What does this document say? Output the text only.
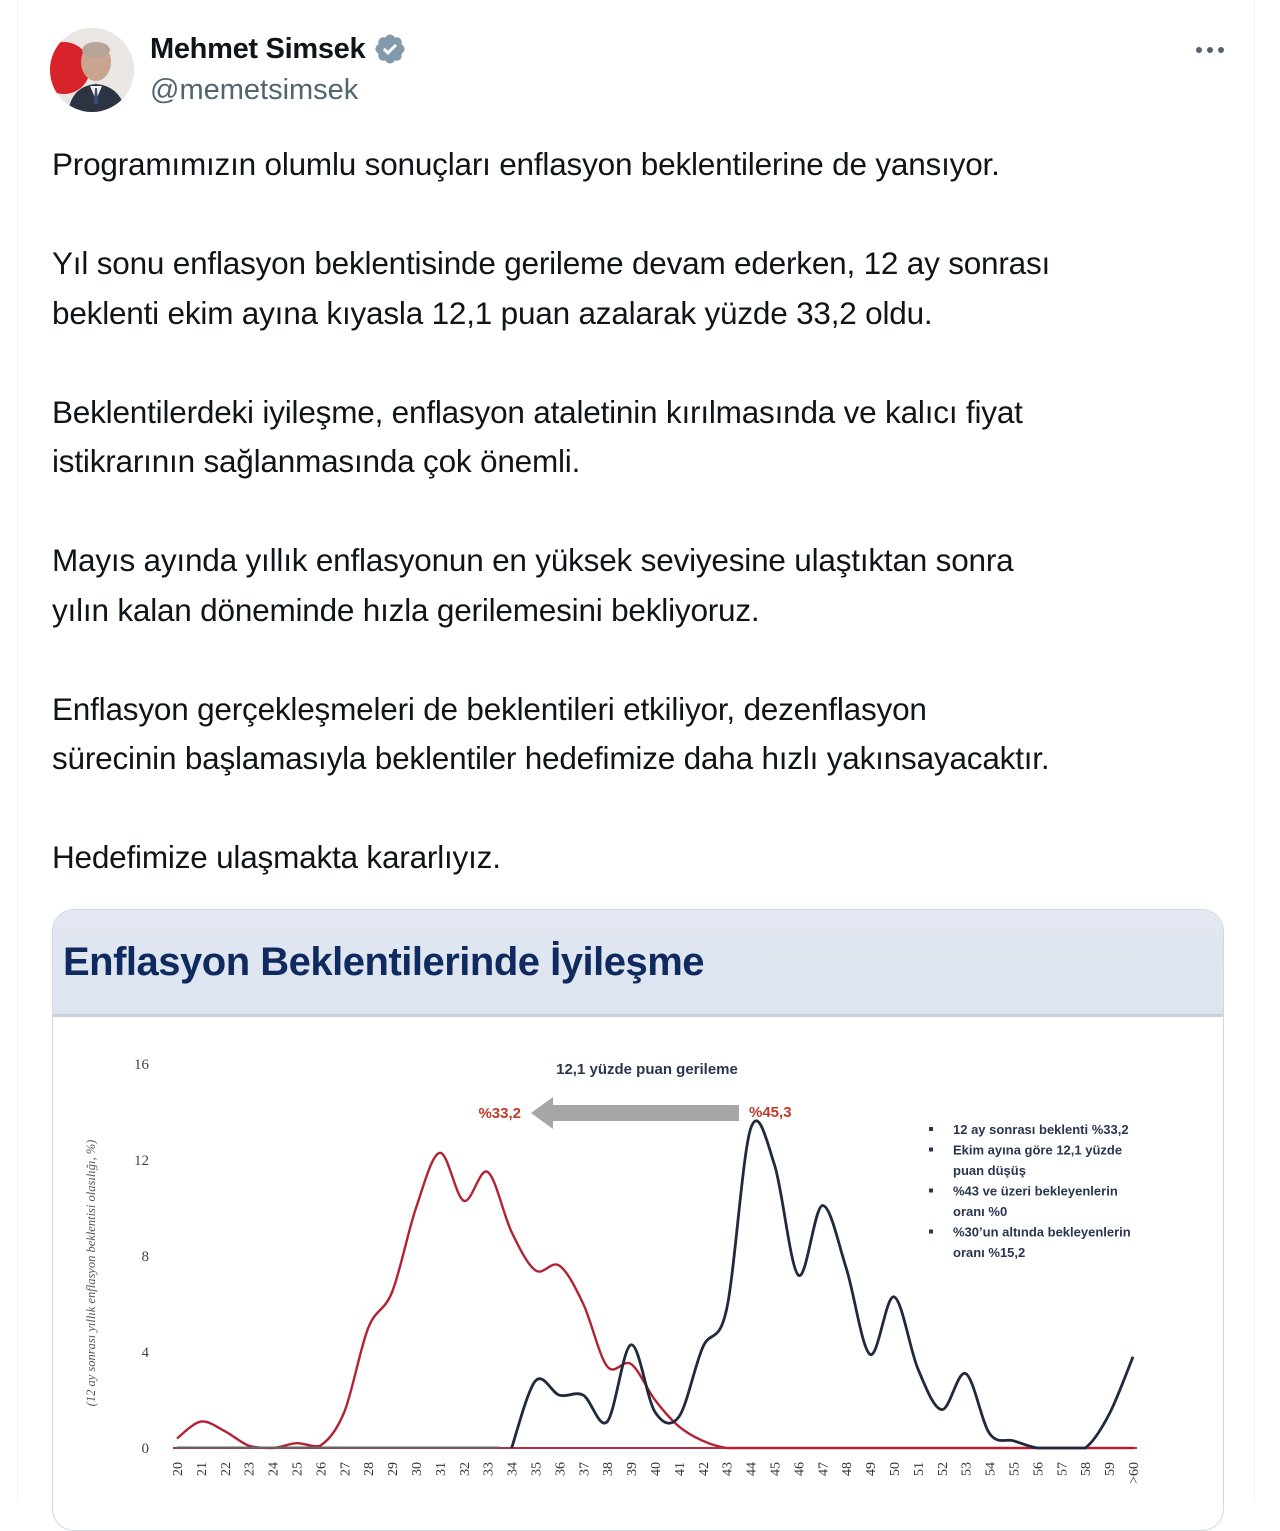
Mehmet Simsek
@memetsimsek

Programımızın olumlu sonuçları enflasyon beklentilerine de yansıyor.

Yıl sonu enflasyon beklentisinde gerileme devam ederken, 12 ay sonrası
beklenti ekim ayına kıyasla 12,1 puan azalarak yüzde 33,2 oldu.

Beklentilerdeki iyileşme, enflasyon ataletinin kırılmasında ve kalıcı fiyat
istikrarının sağlanmasında çok önemli.

Mayıs ayında yıllık enflasyonun en yüksek seviyesine ulaştıktan sonra
yılın kalan döneminde hızla gerilemesini bekliyoruz.

Enflasyon gerçekleşmeleri de beklentileri etkiliyor, dezenflasyon
sürecinin başlamasıyla beklentiler hedefimize daha hızlı yakınsayacaktır.

Hedefimize ulaşmakta kararlıyız.

Enflasyon Beklentilerinde İyileşme
(12 ay sonrası yıllık enflasyon beklentisi olasılığı, %)
0
4
8
12
16
20 21 22 23 24 25 26 27 28 29 30 31 32 33 34 35 36 37 38 39 40 41 42 43 44 45 46 47 48 49 50 51 52 53 54 55 56 57 58 59 >60
12,1 yüzde puan gerileme
%33,2	%45,3
12 ay sonrası beklenti %33,2
Ekim ayına göre 12,1 yüzde
puan düşüş
%43 ve üzeri bekleyenlerin
oranı %0
%30’un altında bekleyenlerin
oranı %15,2
